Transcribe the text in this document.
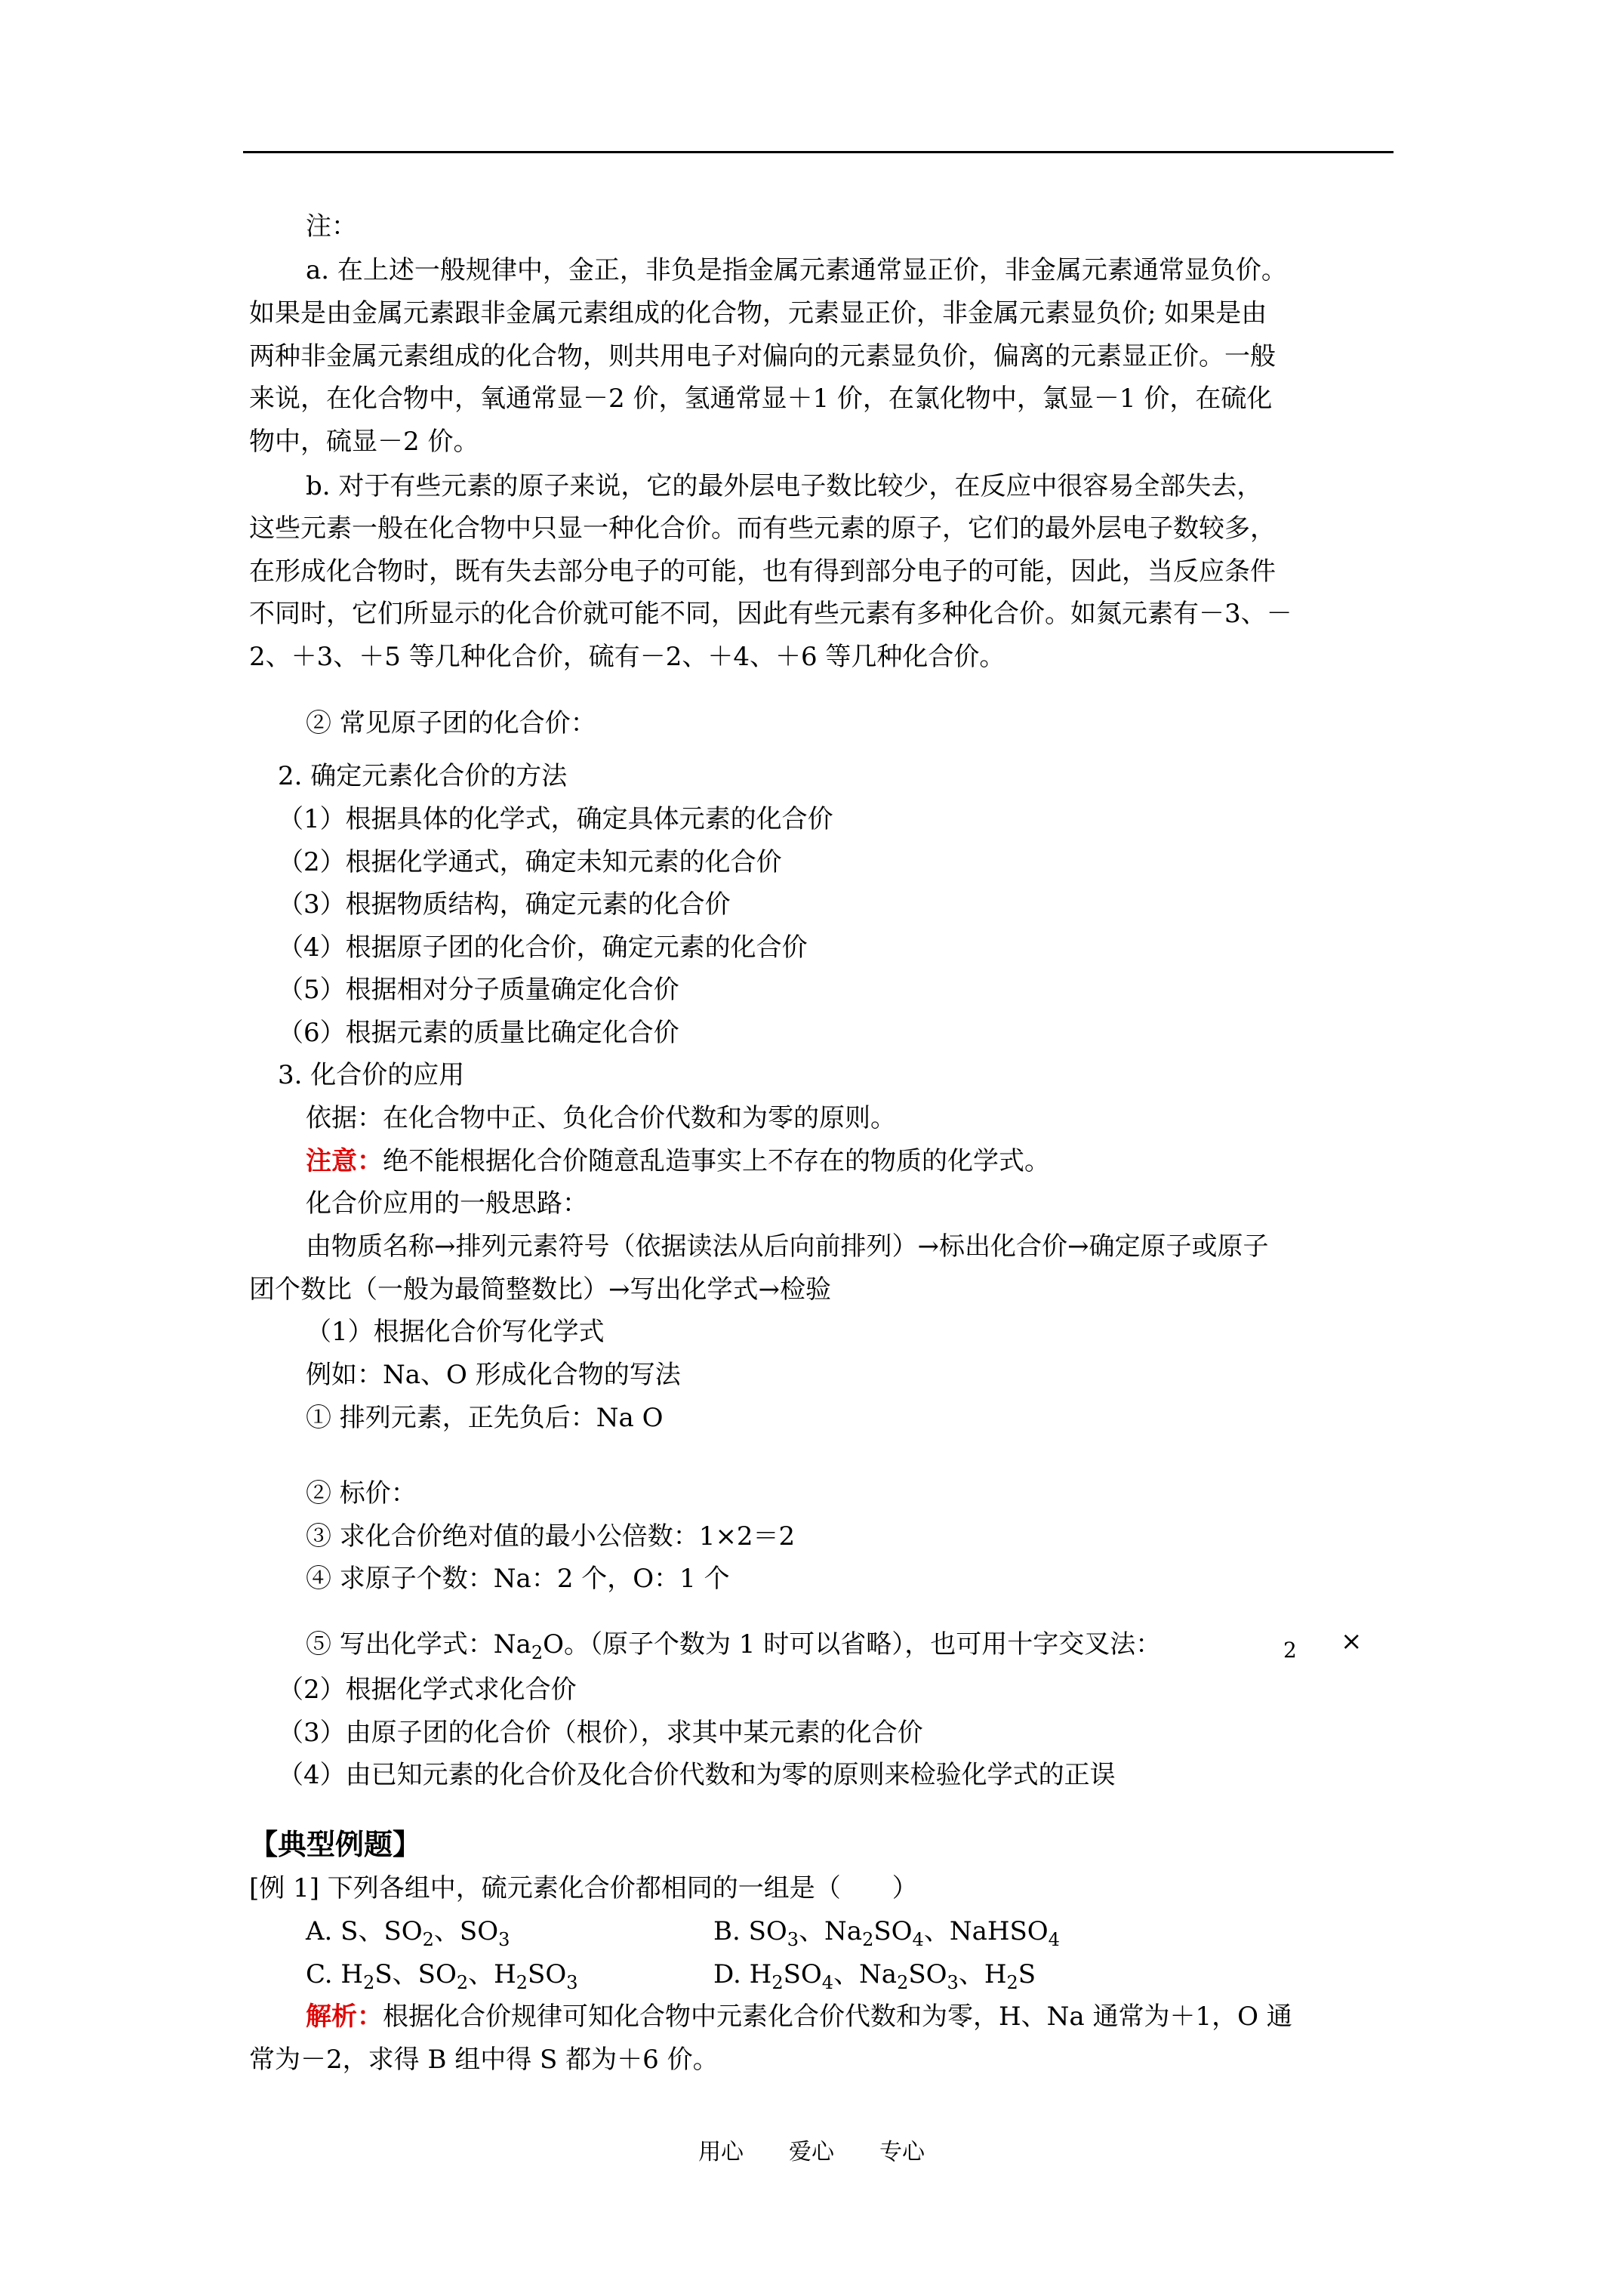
注：
a. 在上述一般规律中，金正，非负是指金属元素通常显正价，非金属元素通常显负价。
如果是由金属元素跟非金属元素组成的化合物，元素显正价，非金属元素显负价; 如果是由
两种非金属元素组成的化合物，则共用电子对偏向的元素显负价，偏离的元素显正价。一般
来说，在化合物中，氧通常显－2 价，氢通常显＋1 价，在氯化物中，氯显－1 价，在硫化
物中，硫显－2 价。
b. 对于有些元素的原子来说，它的最外层电子数比较少，在反应中很容易全部失去，
这些元素一般在化合物中只显一种化合价。而有些元素的原子，它们的最外层电子数较多，
在形成化合物时，既有失去部分电子的可能，也有得到部分电子的可能，因此，当反应条件
不同时，它们所显示的化合价就可能不同，因此有些元素有多种化合价。如氮元素有－3、－
2、＋3、＋5 等几种化合价，硫有－2、＋4、＋6 等几种化合价。
② 常见原子团的化合价：
2. 确定元素化合价的方法
（1）根据具体的化学式，确定具体元素的化合价
（2）根据化学通式，确定未知元素的化合价
（3）根据物质结构，确定元素的化合价
（4）根据原子团的化合价，确定元素的化合价
（5）根据相对分子质量确定化合价
（6）根据元素的质量比确定化合价
3. 化合价的应用
依据：在化合物中正、负化合价代数和为零的原则。
注意：绝不能根据化合价随意乱造事实上不存在的物质的化学式。
化合价应用的一般思路：
由物质名称→排列元素符号（依据读法从后向前排列）→标出化合价→确定原子或原子
团个数比（一般为最简整数比）→写出化学式→检验
（1）根据化合价写化学式
例如：Na、O 形成化合物的写法
① 排列元素，正先负后：Na O
② 标价：
③ 求化合价绝对值的最小公倍数：1×2＝2
④ 求原子个数：Na：2 个，O：1 个
⑤ 写出化学式：$Na_2O$。（原子个数为 1 时可以省略），也可用十字交叉法：	2 ×
（2）根据化学式求化合价
（3）由原子团的化合价（根价），求其中某元素的化合价
（4）由已知元素的化合价及化合价代数和为零的原则来检验化学式的正误
【典型例题】
[例 1] 下列各组中，硫元素化合价都相同的一组是（　　）
A. S、$SO_2$、$SO_3$	B. $SO_3$、$Na_2SO_4$、NaHSO$_4$
C. $H_2S$、$SO_2$、$H_2SO_3$	D. $H_2SO_4$、$Na_2SO_3$、$H_2S$
解析：根据化合价规律可知化合物中元素化合价代数和为零，H、Na 通常为＋1，O 通
常为－2，求得 B 组中得 S 都为＋6 价。
用心　　爱心　　专心
